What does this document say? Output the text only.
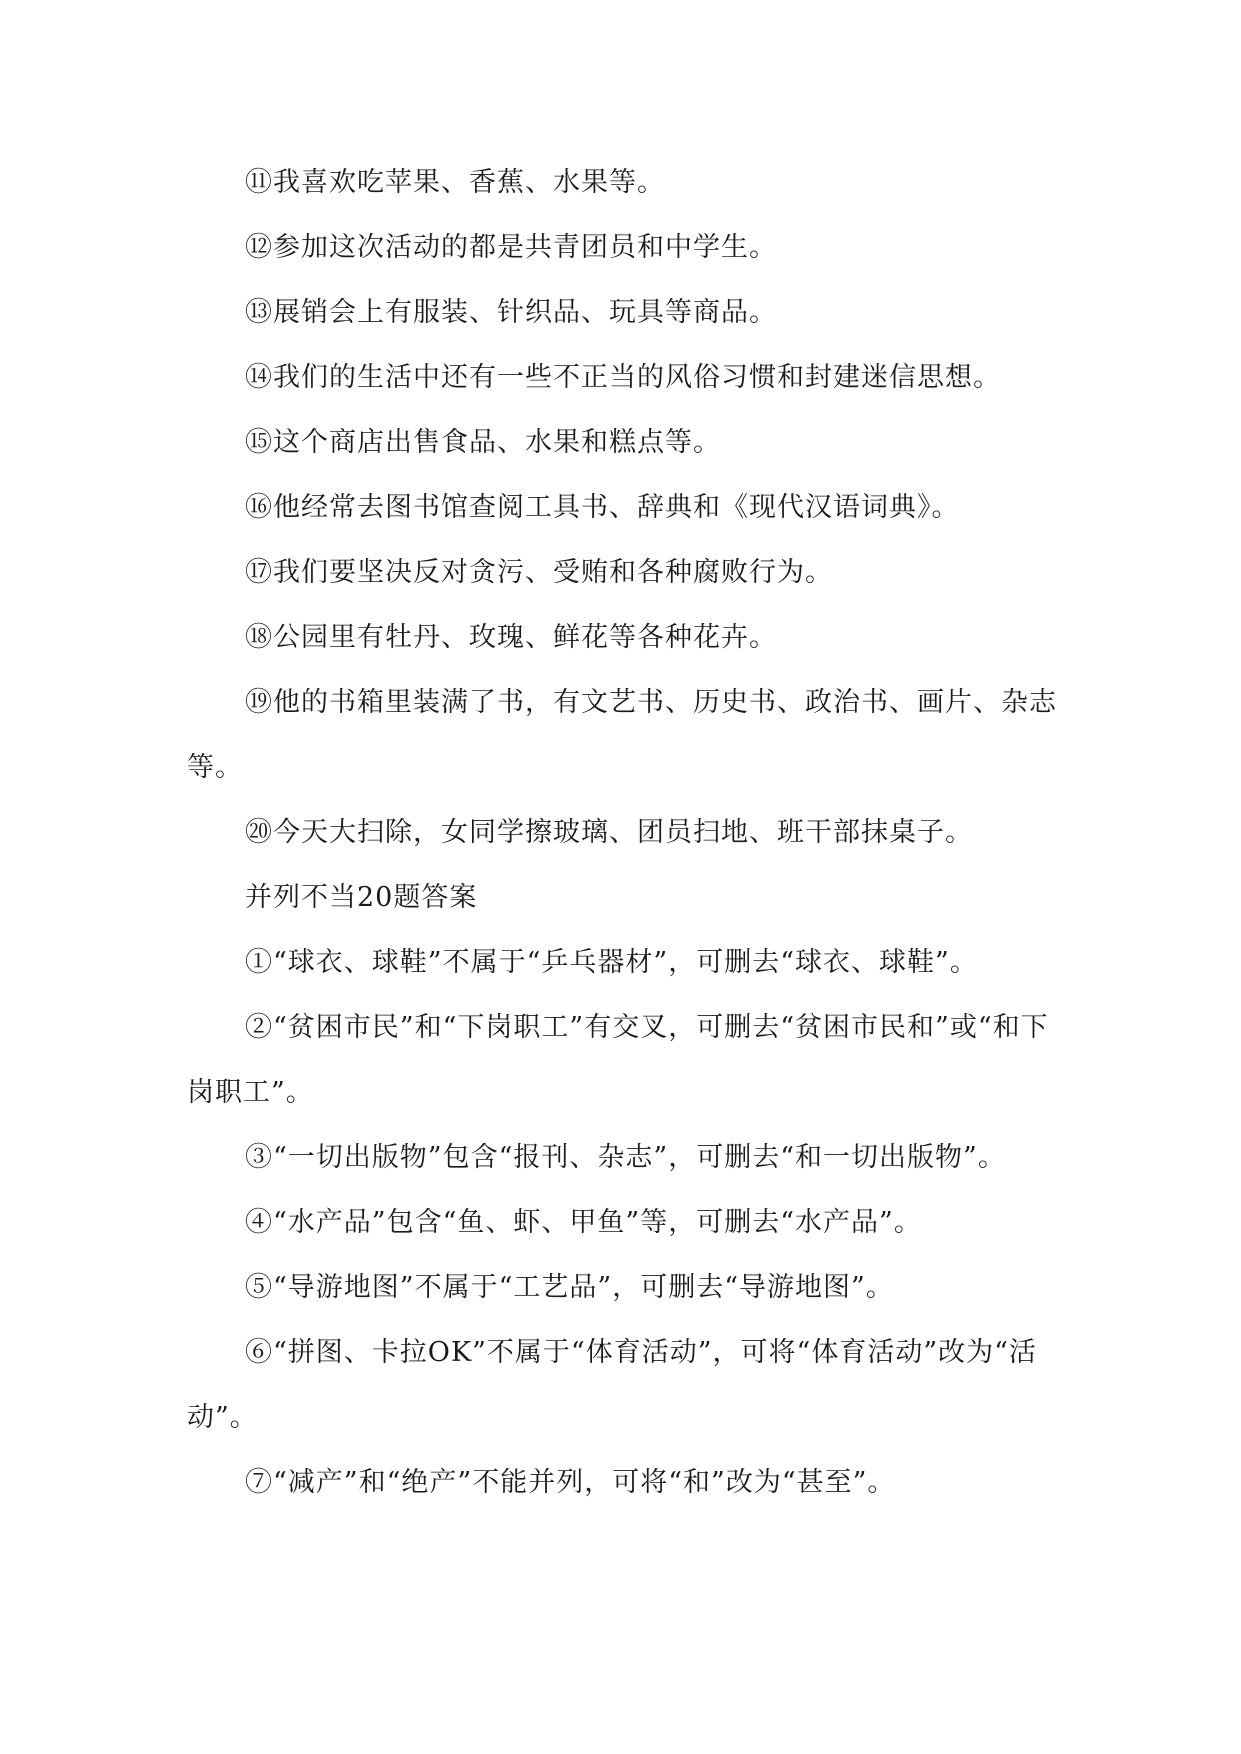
⑪我喜欢吃苹果、香蕉、水果等。

⑫参加这次活动的都是共青团员和中学生。

⑬展销会上有服装、针织品、玩具等商品。

⑭我们的生活中还有一些不正当的风俗习惯和封建迷信思想。

⑮这个商店出售食品、水果和糕点等。

⑯他经常去图书馆查阅工具书、辞典和《现代汉语词典》。

⑰我们要坚决反对贪污、受贿和各种腐败行为。

⑱公园里有牡丹、玫瑰、鲜花等各种花卉。

⑲他的书箱里装满了书，有文艺书、历史书、政治书、画片、杂志等。

⑳今天大扫除，女同学擦玻璃、团员扫地、班干部抹桌子。

并列不当20题答案

①“球衣、球鞋”不属于“乒乓器材”，可删去“球衣、球鞋”。

②“贫困市民”和“下岗职工”有交叉，可删去“贫困市民和”或“和下岗职工”。

③“一切出版物”包含“报刊、杂志”，可删去“和一切出版物”。

④“水产品”包含“鱼、虾、甲鱼”等，可删去“水产品”。

⑤“导游地图”不属于“工艺品”，可删去“导游地图”。

⑥“拼图、卡拉OK”不属于“体育活动”，可将“体育活动”改为“活动”。

⑦“减产”和“绝产”不能并列，可将“和”改为“甚至”。
